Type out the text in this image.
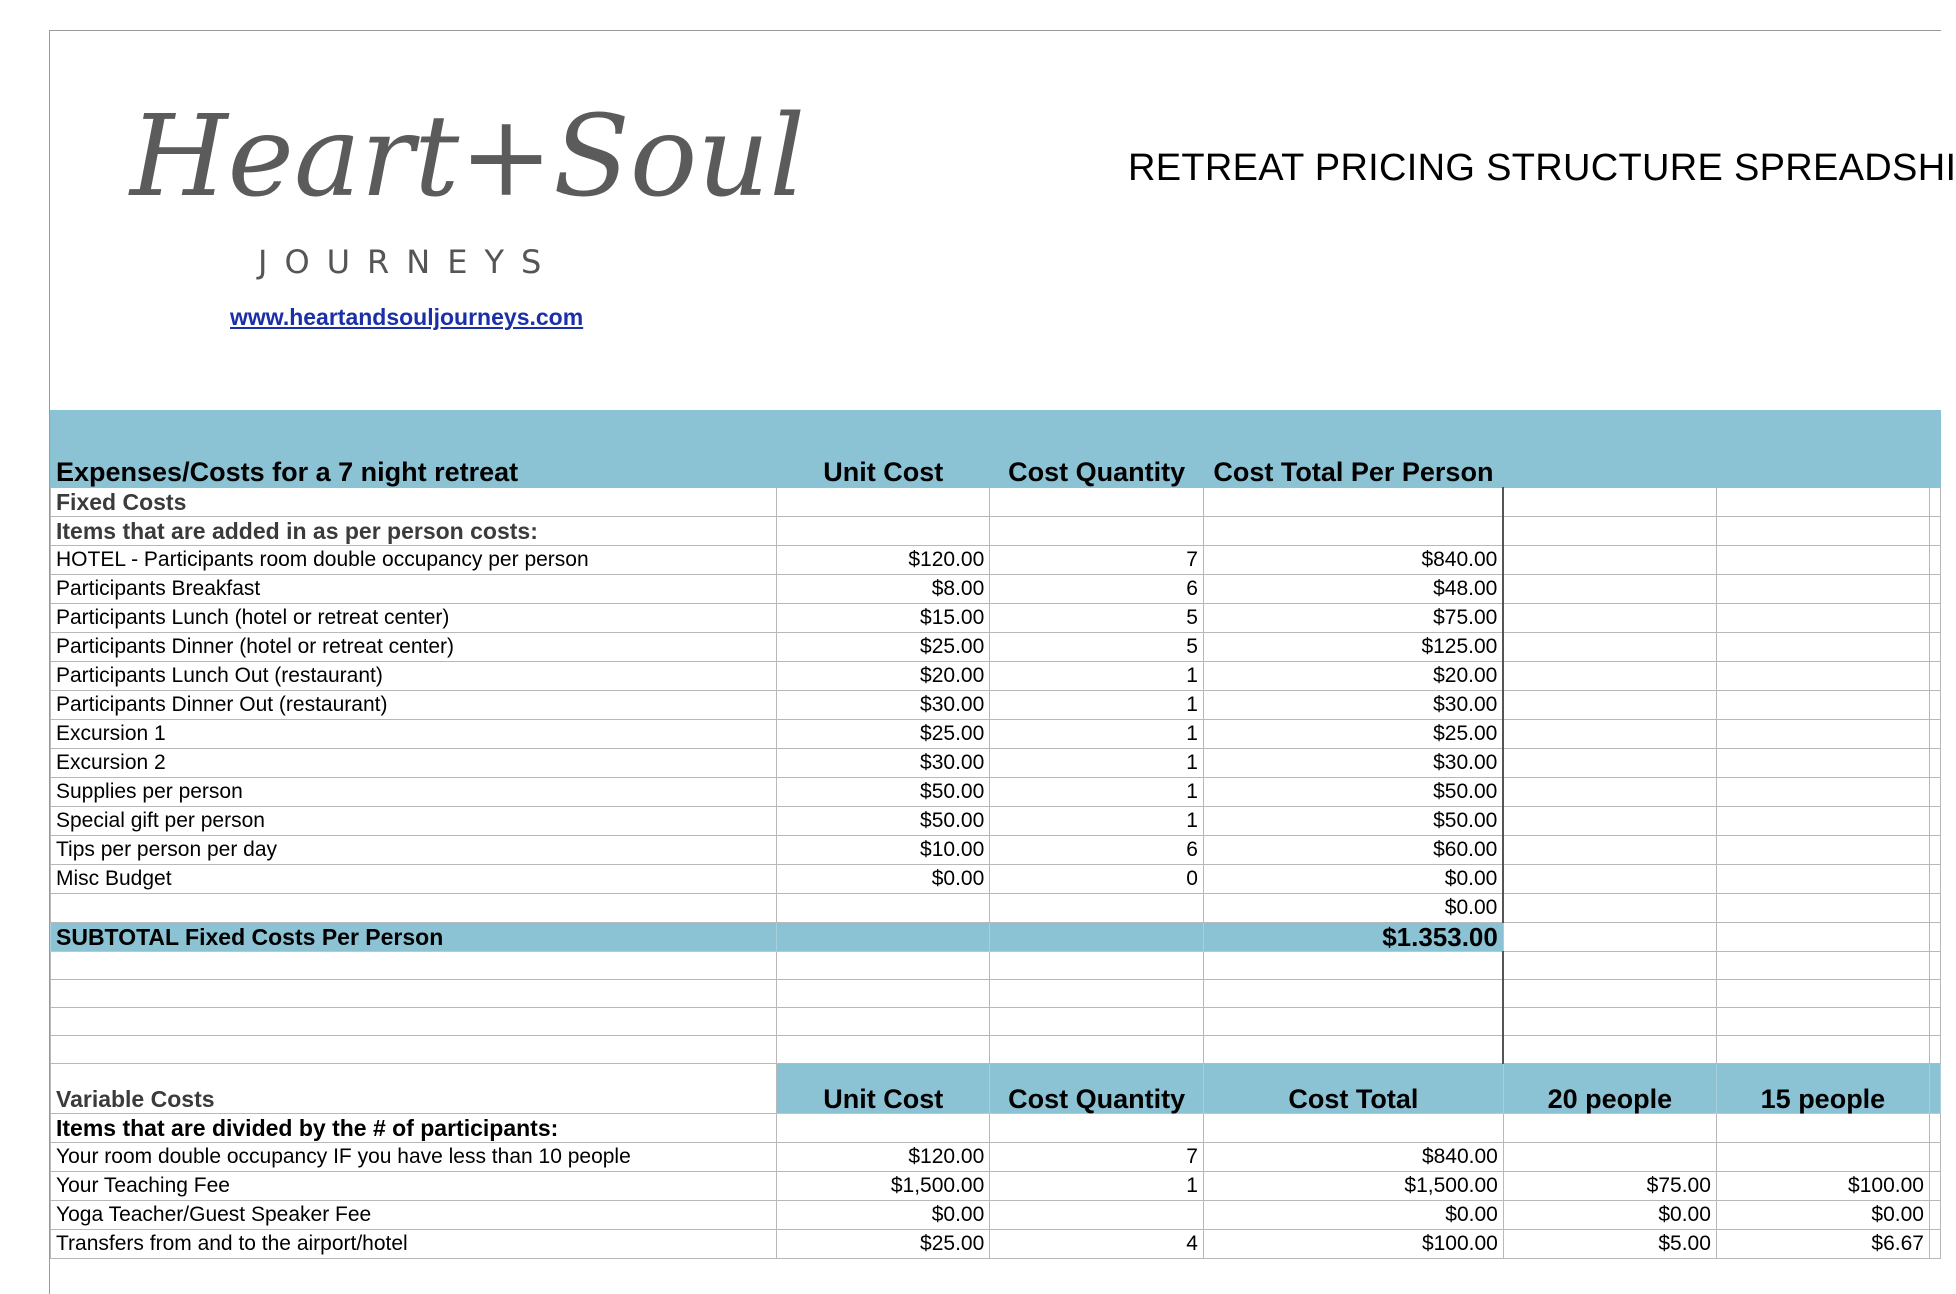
Heart+Soul
JOURNEYS
www.heartandsouljourneys.com
RETREAT PRICING STRUCTURE SPREADSHI
Expenses/Costs for a 7 night retreat	Unit Cost	Cost Quantity	Cost Total Per Person			
Fixed Costs						
Items that are added in as per person costs:						
HOTEL - Participants room double occupancy per person	$120.00	7	$840.00			
Participants Breakfast	$8.00	6	$48.00			
Participants Lunch (hotel or retreat center)	$15.00	5	$75.00			
Participants Dinner (hotel or retreat center)	$25.00	5	$125.00			
Participants Lunch Out (restaurant)	$20.00	1	$20.00			
Participants Dinner Out (restaurant)	$30.00	1	$30.00			
Excursion 1	$25.00	1	$25.00			
Excursion 2	$30.00	1	$30.00			
Supplies per person	$50.00	1	$50.00			
Special gift per person	$50.00	1	$50.00			
Tips per person per day	$10.00	6	$60.00			
Misc Budget	$0.00	0	$0.00			
			$0.00			
SUBTOTAL Fixed Costs Per Person			$1.353.00			

Variable Costs	Unit Cost	Cost Quantity	Cost Total	20 people	15 people	
Items that are divided by the # of participants:						
Your room double occupancy IF you have less than 10 people	$120.00	7	$840.00			
Your Teaching Fee	$1,500.00	1	$1,500.00	$75.00	$100.00	
Yoga Teacher/Guest Speaker Fee	$0.00		$0.00	$0.00	$0.00	
Transfers from and to the airport/hotel	$25.00	4	$100.00	$5.00	$6.67	
